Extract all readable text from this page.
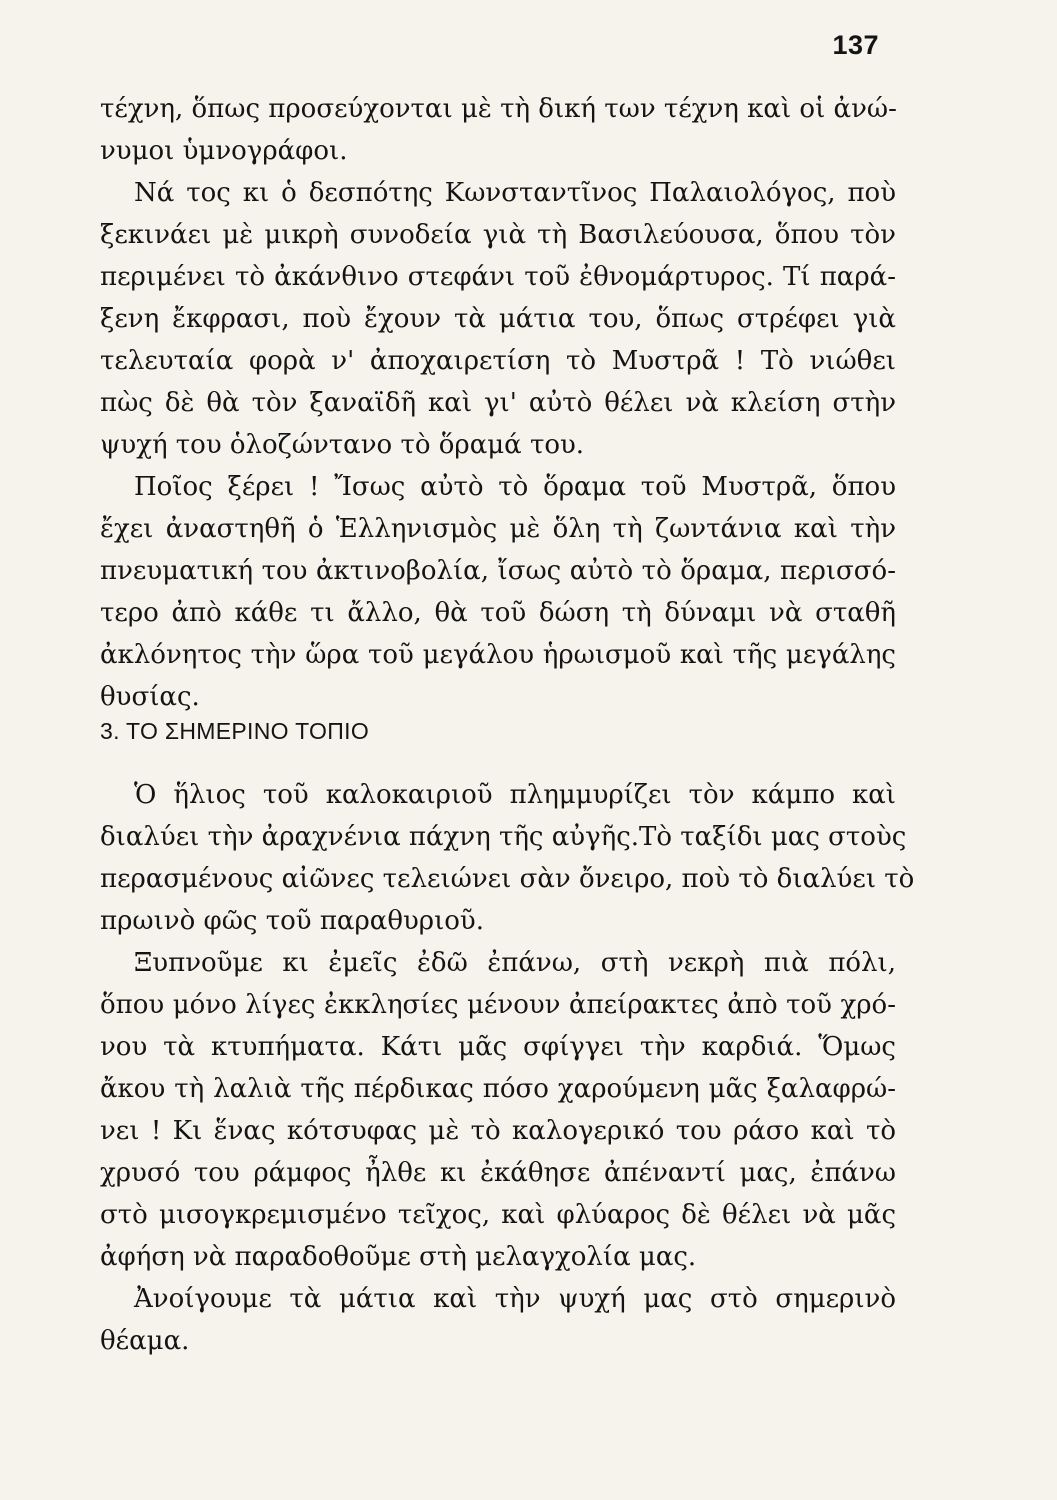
137
τέχνη, ὅπως προσεύχονται μὲ τὴ δική των τέχνη καὶ οἱ ἀνώ-
νυμοι ὑμνογράφοι.
Νά τος κι ὁ δεσπότης Κωνσταντῖνος Παλαιολόγος, ποὺ
ξεκινάει μὲ μικρὴ συνοδεία γιὰ τὴ Βασιλεύουσα, ὅπου τὸν
περιμένει τὸ ἀκάνθινο στεφάνι τοῦ ἐθνομάρτυρος. Τί παρά-
ξενη ἔκφρασι, ποὺ ἔχουν τὰ μάτια του, ὅπως στρέφει γιὰ
τελευταία φορὰ ν' ἀποχαιρετίση τὸ Μυστρᾶ ! Τὸ νιώθει
πὼς δὲ θὰ τὸν ξαναϊδῆ καὶ γι' αὐτὸ θέλει νὰ κλείση στὴν
ψυχή του ὁλοζώντανο τὸ ὅραμά του.
Ποῖος ξέρει ! Ἴσως αὐτὸ τὸ ὅραμα τοῦ Μυστρᾶ, ὅπου
ἔχει ἀναστηθῆ ὁ Ἑλληνισμὸς μὲ ὅλη τὴ ζωντάνια καὶ τὴν
πνευματική του ἀκτινοβολία, ἴσως αὐτὸ τὸ ὅραμα, περισσό-
τερο ἀπὸ κάθε τι ἄλλο, θὰ τοῦ δώση τὴ δύναμι νὰ σταθῆ
ἀκλόνητος τὴν ὥρα τοῦ μεγάλου ἡρωισμοῦ καὶ τῆς μεγάλης
θυσίας.
3. ΤΟ ΣΗΜΕΡΙΝΟ ΤΟΠΙΟ
Ὁ ἥλιος τοῦ καλοκαιριοῦ πλημμυρίζει τὸν κάμπο καὶ
διαλύει τὴν ἀραχνένια πάχνη τῆς αὐγῆς.Τὸ ταξίδι μας στοὺς
περασμένους αἰῶνες τελειώνει σὰν ὄνειρο, ποὺ τὸ διαλύει τὸ
πρωινὸ φῶς τοῦ παραθυριοῦ.
Ξυπνοῦμε κι ἐμεῖς ἐδῶ ἐπάνω, στὴ νεκρὴ πιὰ πόλι,
ὅπου μόνο λίγες ἐκκλησίες μένουν ἀπείρακτες ἀπὸ τοῦ χρό-
νου τὰ κτυπήματα. Κάτι μᾶς σφίγγει τὴν καρδιά. Ὅμως
ἄκου τὴ λαλιὰ τῆς πέρδικας πόσο χαρούμενη μᾶς ξαλαφρώ-
νει ! Κι ἕνας κότσυφας μὲ τὸ καλογερικό του ράσο καὶ τὸ
χρυσό του ράμφος ἦλθε κι ἐκάθησε ἀπέναντί μας, ἐπάνω
στὸ μισογκρεμισμένο τεῖχος, καὶ φλύαρος δὲ θέλει νὰ μᾶς
ἀφήση νὰ παραδοθοῦμε στὴ μελαγχολία μας.
Ἀνοίγουμε τὰ μάτια καὶ τὴν ψυχή μας στὸ σημερινὸ
θέαμα.
